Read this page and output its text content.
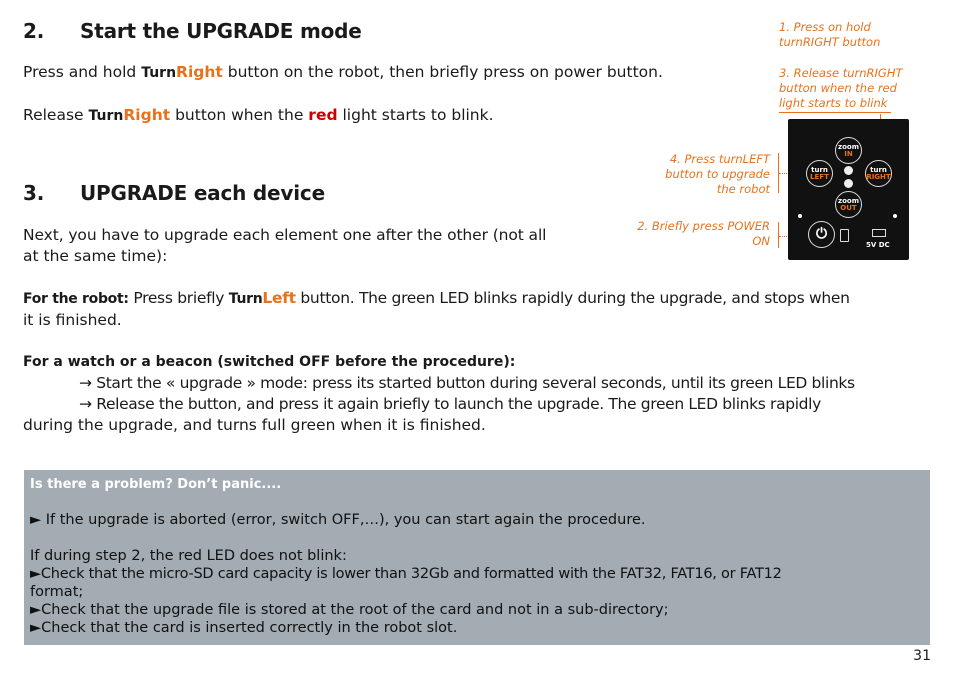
2. Start the UPGRADE mode
Press and hold TurnRight button on the robot, then briefly press on power button.
Release TurnRight button when the red light starts to blink.
3. UPGRADE each device
Next, you have to upgrade each element one after the other (not all
at the same time):
For the robot: Press briefly TurnLeft button. The green LED blinks rapidly during the upgrade, and stops when
it is finished.
For a watch or a beacon (switched OFF before the procedure):
→ Start the « upgrade » mode: press its started button during several seconds, until its green LED blinks
→ Release the button, and press it again briefly to launch the upgrade. The green LED blinks rapidly
during the upgrade, and turns full green when it is finished.
1. Press on hold
turnRIGHT button
3. Release turnRIGHT
button when the red
light starts to blink
4. Press turnLEFT
button to upgrade
the robot
2. Briefly press POWER
ON
zoom
IN
turn
LEFT
turn
RIGHT
zoom
OUT
⏻
5V DC
Is there a problem? Don’t panic....
► If the upgrade is aborted (error, switch OFF,…), you can start again the procedure.
If during step 2, the red LED does not blink:
►Check that the micro-SD card capacity is lower than 32Gb and formatted with the FAT32, FAT16, or FAT12
format;
►Check that the upgrade file is stored at the root of the card and not in a sub-directory;
►Check that the card is inserted correctly in the robot slot.
31
